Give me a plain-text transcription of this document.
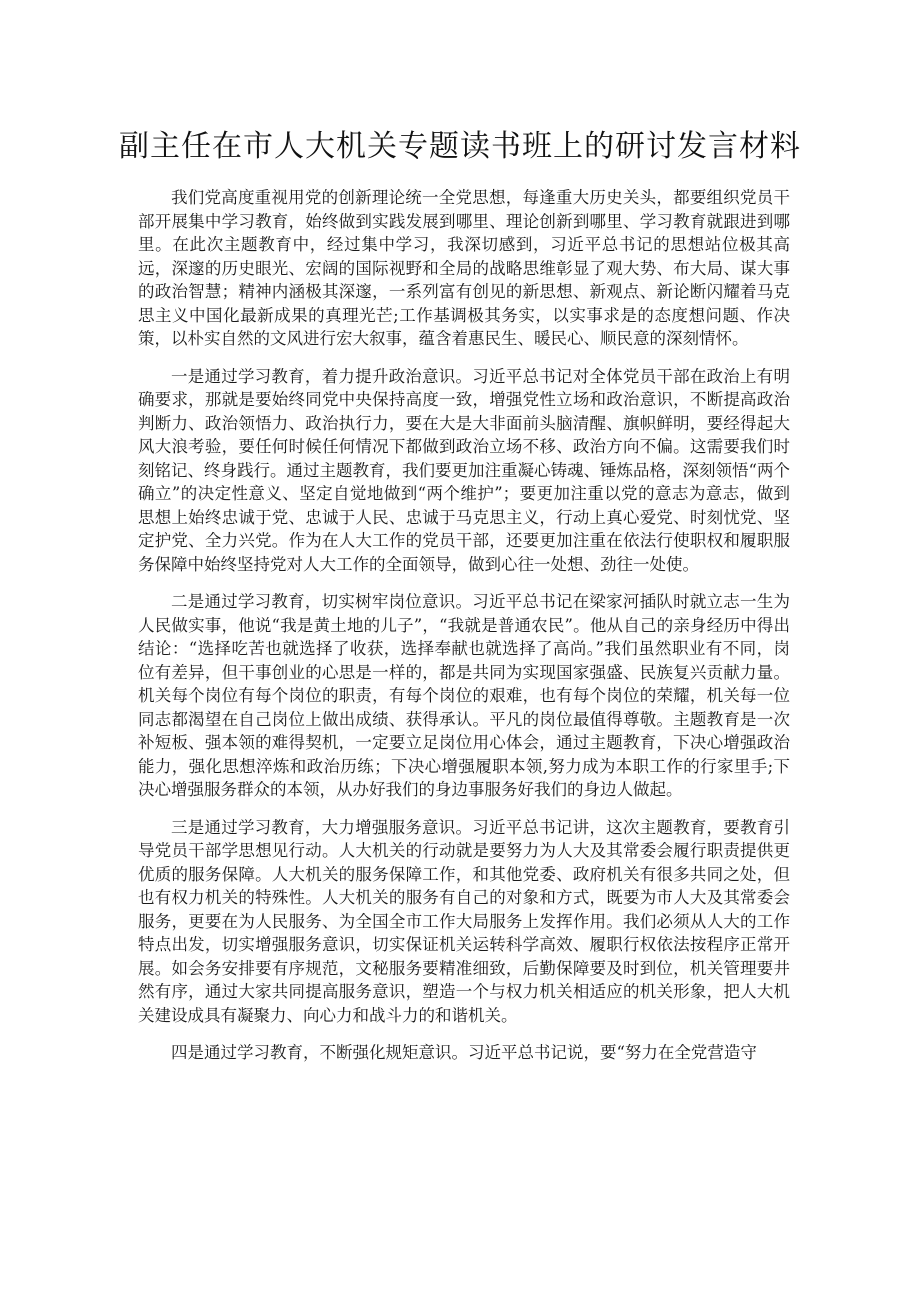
副主任在市人大机关专题读书班上的研讨发言材料

我们党高度重视用党的创新理论统一全党思想，每逢重大历史关头，都要组织党员干部开展集中学习教育，始终做到实践发展到哪里、理论创新到哪里、学习教育就跟进到哪里。在此次主题教育中，经过集中学习，我深切感到，习近平总书记的思想站位极其高远，深邃的历史眼光、宏阔的国际视野和全局的战略思维彰显了观大势、布大局、谋大事的政治智慧；精神内涵极其深邃，一系列富有创见的新思想、新观点、新论断闪耀着马克思主义中国化最新成果的真理光芒;工作基调极其务实，以实事求是的态度想问题、作决策，以朴实自然的文风进行宏大叙事，蕴含着惠民生、暖民心、顺民意的深刻情怀。

一是通过学习教育，着力提升政治意识。习近平总书记对全体党员干部在政治上有明确要求，那就是要始终同党中央保持高度一致，增强党性立场和政治意识，不断提高政治判断力、政治领悟力、政治执行力，要在大是大非面前头脑清醒、旗帜鲜明，要经得起大风大浪考验，要任何时候任何情况下都做到政治立场不移、政治方向不偏。这需要我们时刻铭记、终身践行。通过主题教育，我们要更加注重凝心铸魂、锤炼品格，深刻领悟“两个确立”的决定性意义、坚定自觉地做到“两个维护”；要更加注重以党的意志为意志，做到思想上始终忠诚于党、忠诚于人民、忠诚于马克思主义，行动上真心爱党、时刻忧党、坚定护党、全力兴党。作为在人大工作的党员干部，还要更加注重在依法行使职权和履职服务保障中始终坚持党对人大工作的全面领导，做到心往一处想、劲往一处使。

二是通过学习教育，切实树牢岗位意识。习近平总书记在梁家河插队时就立志一生为人民做实事，他说“我是黄土地的儿子”，“我就是普通农民”。他从自己的亲身经历中得出结论：“选择吃苦也就选择了收获，选择奉献也就选择了高尚。”我们虽然职业有不同，岗位有差异，但干事创业的心思是一样的，都是共同为实现国家强盛、民族复兴贡献力量。机关每个岗位有每个岗位的职责，有每个岗位的艰难，也有每个岗位的荣耀，机关每一位同志都渴望在自己岗位上做出成绩、获得承认。平凡的岗位最值得尊敬。主题教育是一次补短板、强本领的难得契机，一定要立足岗位用心体会，通过主题教育，下决心增强政治能力，强化思想淬炼和政治历练；下决心增强履职本领,努力成为本职工作的行家里手;下决心增强服务群众的本领，从办好我们的身边事服务好我们的身边人做起。

三是通过学习教育，大力增强服务意识。习近平总书记讲，这次主题教育，要教育引导党员干部学思想见行动。人大机关的行动就是要努力为人大及其常委会履行职责提供更优质的服务保障。人大机关的服务保障工作，和其他党委、政府机关有很多共同之处，但也有权力机关的特殊性。人大机关的服务有自己的对象和方式，既要为市人大及其常委会服务，更要在为人民服务、为全国全市工作大局服务上发挥作用。我们必须从人大的工作特点出发，切实增强服务意识，切实保证机关运转科学高效、履职行权依法按程序正常开展。如会务安排要有序规范，文秘服务要精准细致，后勤保障要及时到位，机关管理要井然有序，通过大家共同提高服务意识，塑造一个与权力机关相适应的机关形象，把人大机关建设成具有凝聚力、向心力和战斗力的和谐机关。

四是通过学习教育，不断强化规矩意识。习近平总书记说，要“努力在全党营造守
